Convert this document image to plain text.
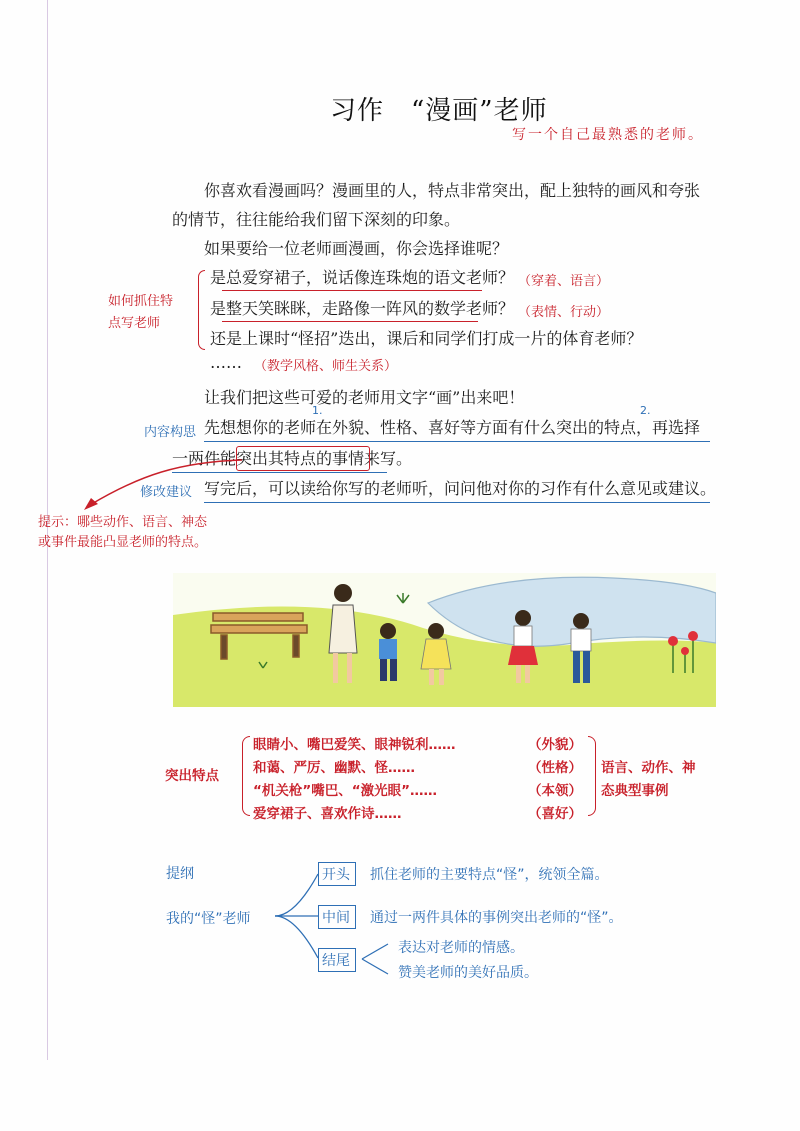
习作　“漫画”老师
写一个自己最熟悉的老师。
你喜欢看漫画吗？漫画里的人，特点非常突出，配上独特的画风和夸张
的情节，往往能给我们留下深刻的印象。
如果要给一位老师画漫画，你会选择谁呢？
是总爱穿裙子，说话像连珠炮的语文老师？ （穿着、语言）
是整天笑眯眯，走路像一阵风的数学老师？ （表情、行动）
还是上课时“怪招”迭出，课后和同学们打成一片的体育老师？
…… （教学风格、师生关系）
如何抓住特
点写老师
让我们把这些可爱的老师用文字“画”出来吧！
内容构思
1.	2.
先想想你的老师在外貌、性格、喜好等方面有什么突出的特点，再选择
一两件能突出其特点的事情来写。
修改建议 写完后，可以读给你写的老师听，问问他对你的习作有什么意见或建议。
提示：哪些动作、语言、神态或事件最能凸显老师的特点。
突出特点
眼睛小、嘴巴爱笑、眼神锐利……	（外貌）
和蔼、严厉、幽默、怪……	（性格）
“机关枪”嘴巴、“激光眼”……	（本领）
爱穿裙子、喜欢作诗……	（喜好）
语言、动作、神
态典型事例
提纲
我的“怪”老师
开头 抓住老师的主要特点“怪”，统领全篇。
中间 通过一两件具体的事例突出老师的“怪”。
结尾
表达对老师的情感。
赞美老师的美好品质。
